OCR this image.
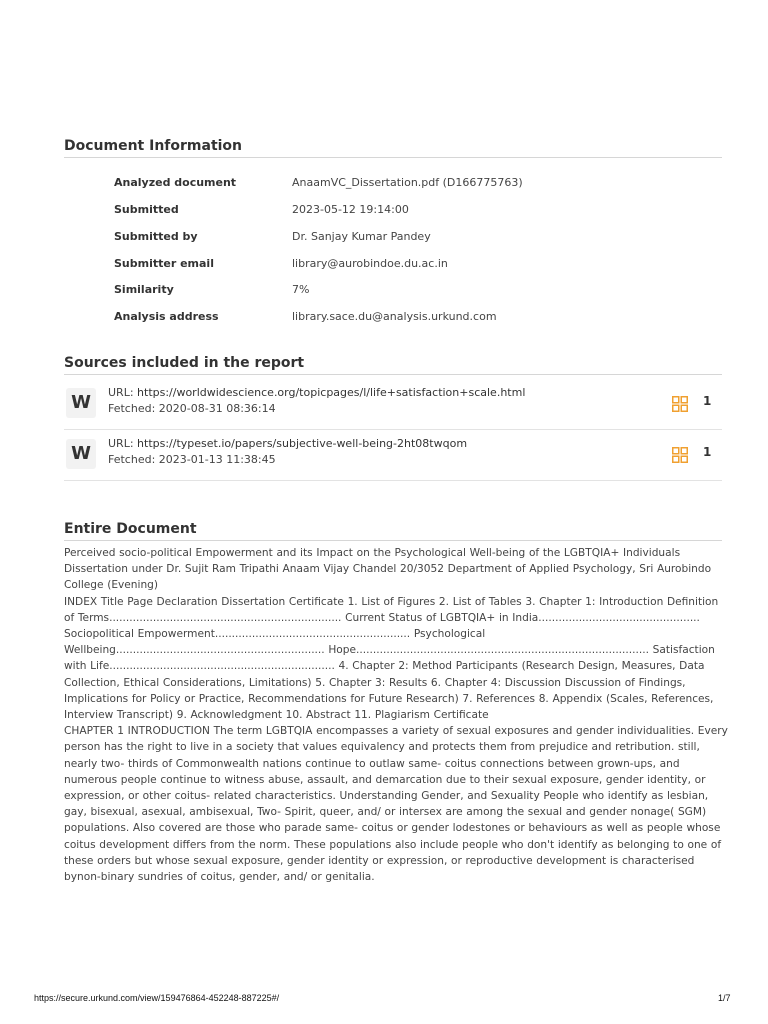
Document Information
Analyzed document	AnaamVC_Dissertation.pdf (D166775763)
Submitted	2023-05-12 19:14:00
Submitted by	Dr. Sanjay Kumar Pandey
Submitter email	library@aurobindoe.du.ac.in
Similarity	7%
Analysis address	library.sace.du@analysis.urkund.com
Sources included in the report
W	URL: https://worldwidescience.org/topicpages/l/life+satisfaction+scale.html
Fetched: 2020-08-31 08:36:14
1
W	URL: https://typeset.io/papers/subjective-well-being-2ht08twqom
Fetched: 2023-01-13 11:38:45
1
Entire Document

Perceived socio-political Empowerment and its Impact on the Psychological Well-being of the LGBTQIA+ Individuals Dissertation under Dr. Sujit Ram Tripathi Anaam Vijay Chandel 20/3052 Department of Applied Psychology, Sri Aurobindo College (Evening)

INDEX Title Page Declaration Dissertation Certificate 1. List of Figures 2. List of Tables 3. Chapter 1: Introduction Definition of Terms..................................................................... Current Status of LGBTQIA+ in India................................................ Sociopolitical Empowerment.......................................................... Psychological Wellbeing.............................................................. Hope....................................................................................... Satisfaction with Life................................................................... 4. Chapter 2: Method Participants (Research Design, Measures, Data Collection, Ethical Considerations, Limitations) 5. Chapter 3: Results 6. Chapter 4: Discussion Discussion of Findings, Implications for Policy or Practice, Recommendations for Future Research) 7. References 8. Appendix (Scales, References, Interview Transcript) 9. Acknowledgment 10. Abstract 11. Plagiarism Certificate

CHAPTER 1 INTRODUCTION The term LGBTQIA encompasses a variety of sexual exposures and gender individualities. Every person has the right to live in a society that values equivalency and protects them from prejudice and retribution. still, nearly two- thirds of Commonwealth nations continue to outlaw same- coitus connections between grown-ups, and numerous people continue to witness abuse, assault, and demarcation due to their sexual exposure, gender identity, or expression, or other coitus- related characteristics. Understanding Gender, and Sexuality People who identify as lesbian, gay, bisexual, asexual, ambisexual, Two- Spirit, queer, and/ or intersex are among the sexual and gender nonage( SGM) populations. Also covered are those who parade same- coitus or gender lodestones or behaviours as well as people whose coitus development differs from the norm. These populations also include people who don't identify as belonging to one of these orders but whose sexual exposure, gender identity or expression, or reproductive development is characterised bynon-binary sundries of coitus, gender, and/ or genitalia.

https://secure.urkund.com/view/159476864-452248-887225#/	1/7
